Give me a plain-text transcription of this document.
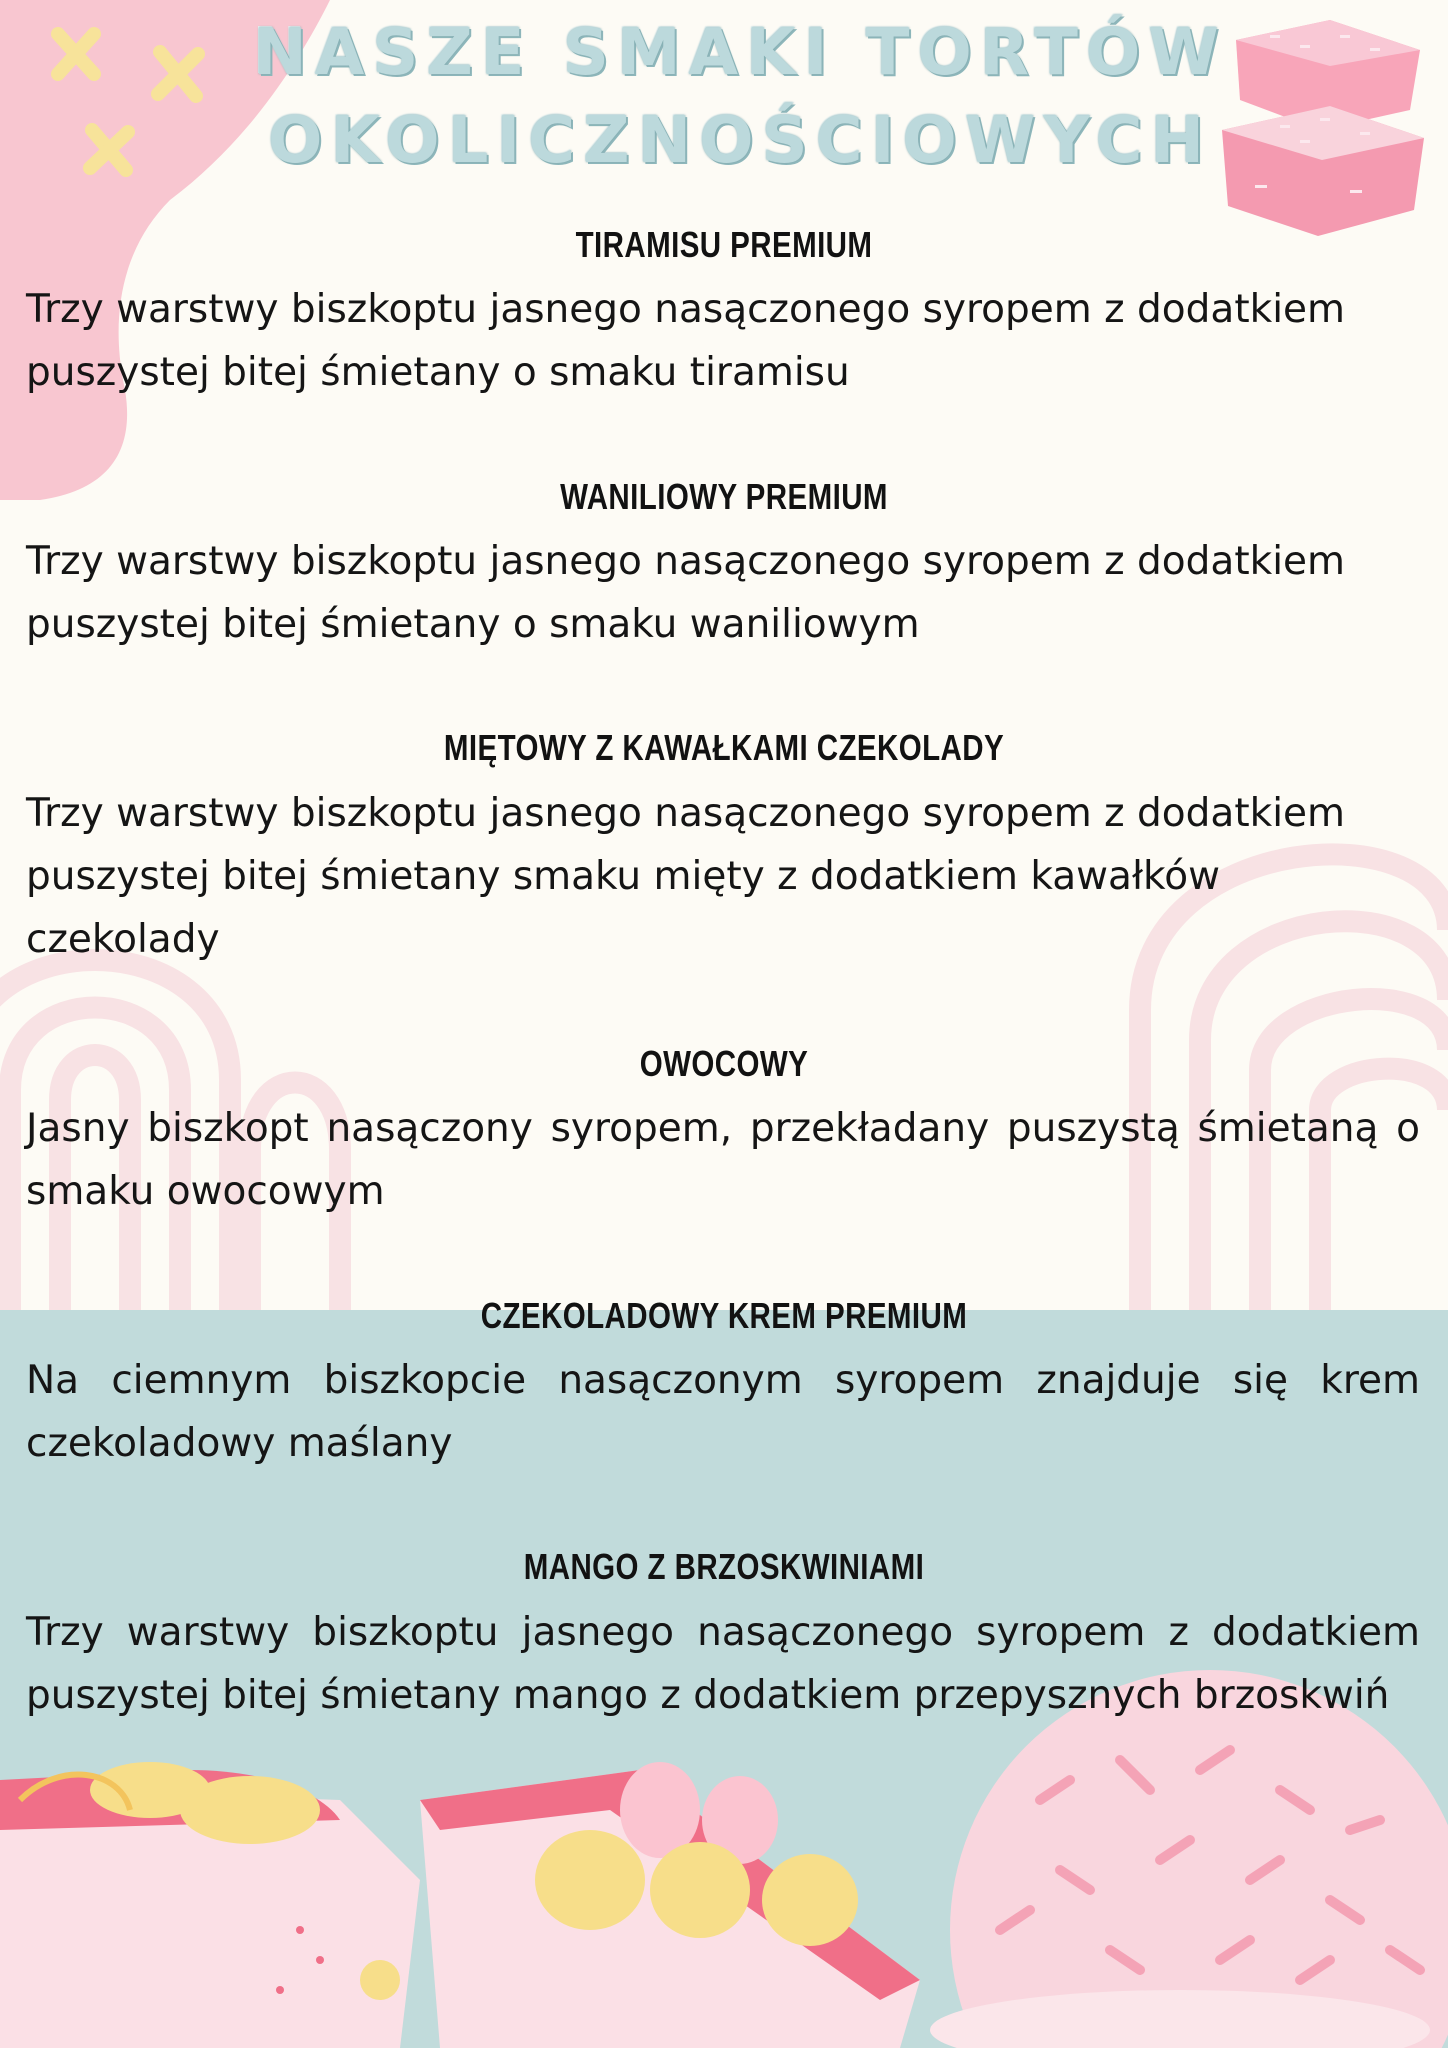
NASZE SMAKI TORTÓW
OKOLICZNOŚCIOWYCH
TIRAMISU PREMIUM
Trzy warstwy biszkoptu jasnego nasączonego syropem z dodatkiem puszystej bitej śmietany o smaku tiramisu
WANILIOWY PREMIUM
Trzy warstwy biszkoptu jasnego nasączonego syropem z dodatkiem puszystej bitej śmietany o smaku waniliowym
MIĘTOWY Z KAWAŁKAMI CZEKOLADY
Trzy warstwy biszkoptu jasnego nasączonego syropem z dodatkiem puszystej bitej śmietany smaku mięty z dodatkiem kawałków czekolady
OWOCOWY
Jasny biszkopt nasączony syropem, przekładany puszystą śmietaną o smaku owocowym
CZEKOLADOWY KREM PREMIUM
Na ciemnym biszkopcie nasączonym syropem znajduje się krem czekoladowy maślany
MANGO Z BRZOSKWINIAMI
Trzy warstwy biszkoptu jasnego nasączonego syropem z dodatkiem puszystej bitej śmietany mango z dodatkiem przepysznych brzoskwiń
